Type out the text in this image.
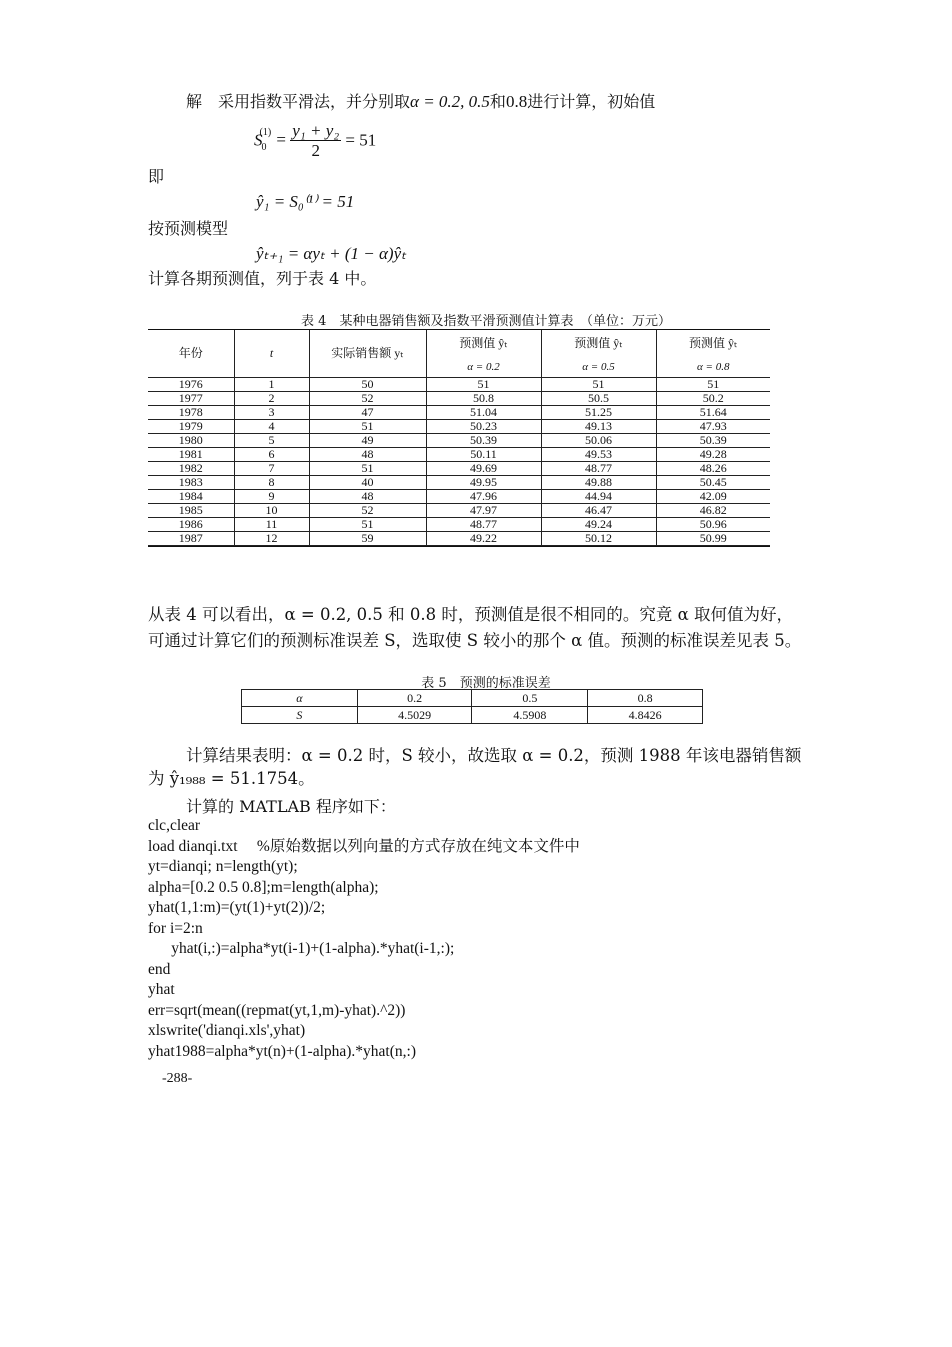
解　采用指数平滑法，并分别取α = 0.2, 0.5和0.8进行计算，初始值
$S_0^{(1)} = \frac{\text{y₁ + y₂}}{2} = 51$
即
ŷ₁ = S₀⁽¹⁾ = 51
按预测模型
ŷₜ₊₁ = αyₜ + (1 − α)ŷₜ
计算各期预测值，列于表 4 中。
表 4　某种电器销售额及指数平滑预测值计算表　（单位：万元）
年份	t	实际销售额 yₜ	预测值 ŷₜ	预测值 ŷₜ	预测值 ŷₜ
			α = 0.2	α = 0.5	α = 0.8
1976	1	50	51	51	51
1977	2	52	50.8	50.5	50.2
1978	3	47	51.04	51.25	51.64
1979	4	51	50.23	49.13	47.93
1980	5	49	50.39	50.06	50.39
1981	6	48	50.11	49.53	49.28
1982	7	51	49.69	48.77	48.26
1983	8	40	49.95	49.88	50.45
1984	9	48	47.96	44.94	42.09
1985	10	52	47.97	46.47	46.82
1986	11	51	48.77	49.24	50.96
1987	12	59	49.22	50.12	50.99
从表 4 可以看出，α = 0.2, 0.5 和 0.8 时，预测值是很不相同的。究竟 α 取何值为好，
可通过计算它们的预测标准误差 S，选取使 S 较小的那个 α 值。预测的标准误差见表 5。
表 5　预测的标准误差
α	0.2	0.5	0.8
S	4.5029	4.5908	4.8426
计算结果表明：α = 0.2 时，S 较小，故选取 α = 0.2，预测 1988 年该电器销售额
为 ŷ₁₉₈₈ = 51.1754。
计算的 MATLAB 程序如下：
clc,clear
load dianqi.txt     %原始数据以列向量的方式存放在纯文本文件中
yt=dianqi; n=length(yt);
alpha=[0.2 0.5 0.8];m=length(alpha);
yhat(1,1:m)=(yt(1)+yt(2))/2;
for i=2:n
yhat(i,:)=alpha*yt(i-1)+(1-alpha).*yhat(i-1,:);
end
yhat
err=sqrt(mean((repmat(yt,1,m)-yhat).^2))
xlswrite('dianqi.xls',yhat)
yhat1988=alpha*yt(n)+(1-alpha).*yhat(n,:)
-288-
